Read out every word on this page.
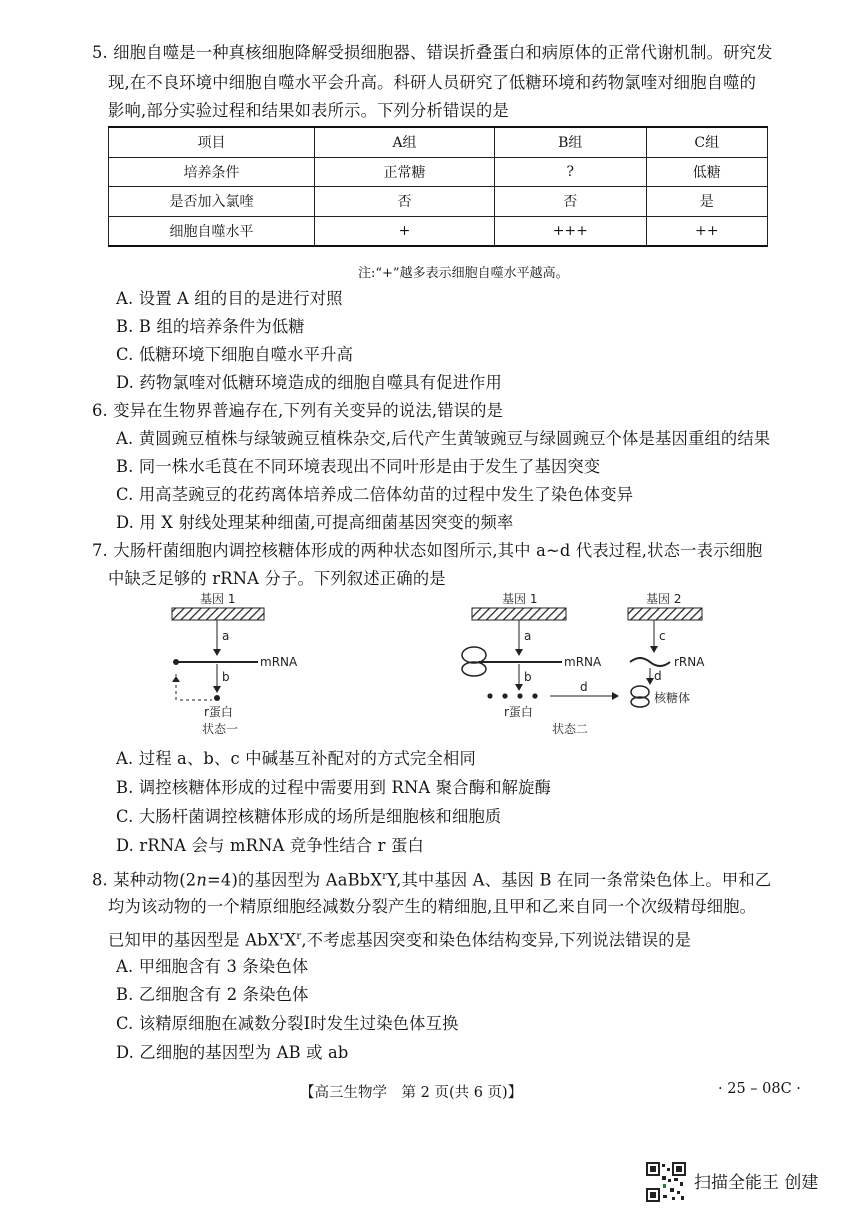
5. 细胞自噬是一种真核细胞降解受损细胞器、错误折叠蛋白和病原体的正常代谢机制。研究发
现,在不良环境中细胞自噬水平会升高。科研人员研究了低糖环境和药物氯喹对细胞自噬的
影响,部分实验过程和结果如表所示。下列分析错误的是
项目	A组	B组	C组
培养条件	正常糖	?	低糖
是否加入氯喹	否	否	是
细胞自噬水平	+	+++	++
注:“+”越多表示细胞自噬水平越高。
A. 设置 A 组的目的是进行对照
B. B 组的培养条件为低糖
C. 低糖环境下细胞自噬水平升高
D. 药物氯喹对低糖环境造成的细胞自噬具有促进作用
6. 变异在生物界普遍存在,下列有关变异的说法,错误的是
A. 黄圆豌豆植株与绿皱豌豆植株杂交,后代产生黄皱豌豆与绿圆豌豆个体是基因重组的结果
B. 同一株水毛茛在不同环境表现出不同叶形是由于发生了基因突变
C. 用高茎豌豆的花药离体培养成二倍体幼苗的过程中发生了染色体变异
D. 用 X 射线处理某种细菌,可提高细菌基因突变的频率
7. 大肠杆菌细胞内调控核糖体形成的两种状态如图所示,其中 a~d 代表过程,状态一表示细胞
中缺乏足够的 rRNA 分子。下列叙述正确的是
基因 1
a
mRNA
b
r蛋白
状态一
基因 1
a
mRNA
b
r蛋白
d
基因 2
c
rRNA
d
核糖体
状态二
A. 过程 a、b、c 中碱基互补配对的方式完全相同
B. 调控核糖体形成的过程中需要用到 RNA 聚合酶和解旋酶
C. 大肠杆菌调控核糖体形成的场所是细胞核和细胞质
D. rRNA 会与 mRNA 竞争性结合 r 蛋白
8. 某种动物(2n=4)的基因型为 AaBbX$^r$Y,其中基因 A、基因 B 在同一条常染色体上。甲和乙
均为该动物的一个精原细胞经减数分裂产生的精细胞,且甲和乙来自同一个次级精母细胞。
已知甲的基因型是 $AbX^rX^r$,不考虑基因突变和染色体结构变异,下列说法错误的是
A. 甲细胞含有 3 条染色体
B. 乙细胞含有 2 条染色体
C. 该精原细胞在减数分裂Ⅰ时发生过染色体互换
D. 乙细胞的基因型为 AB 或 ab
【高三生物学　第 2 页(共 6 页)】	· 25 – 08C ·
扫描全能王 创建
